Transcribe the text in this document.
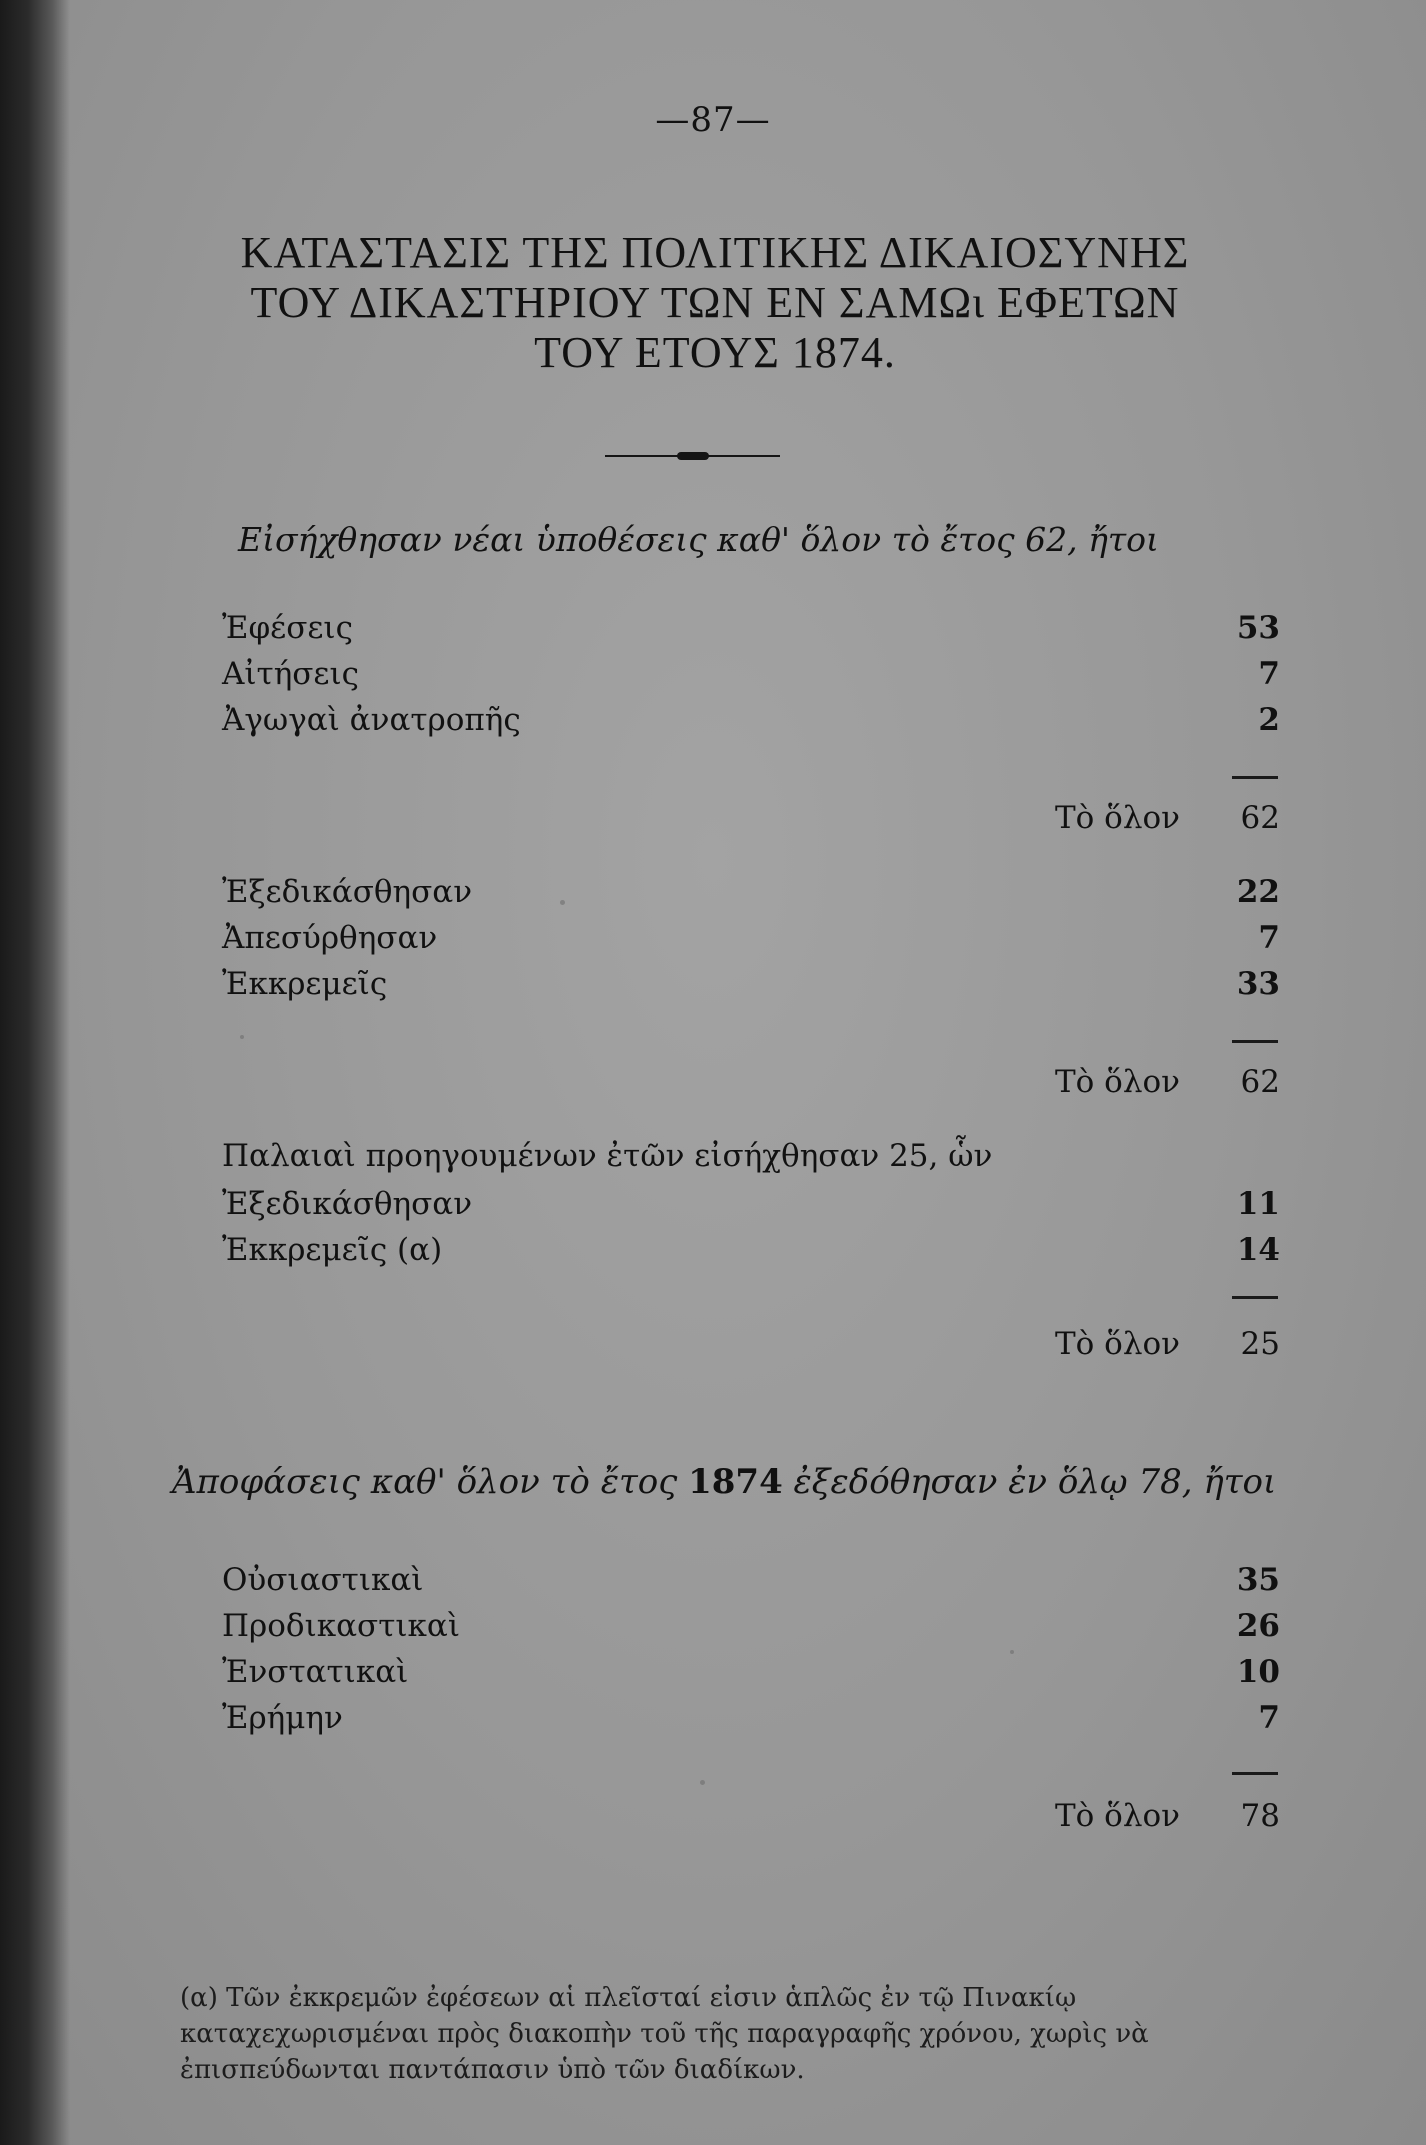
—87—
ΚΑΤΑΣΤΑΣΙΣ ΤΗΣ ΠΟΛΙΤΙΚΗΣ ΔΙΚΑΙΟΣΥΝΗΣ
ΤΟΥ ΔΙΚΑΣΤΗΡΙΟΥ ΤΩΝ ΕΝ ΣΑΜΩι ΕΦΕΤΩΝ
ΤΟΥ ΕΤΟΥΣ 1874.
Εἰσήχθησαν νέαι ὑποθέσεις καθ' ὅλον τὸ ἔτος 62, ἤτοι
Ἐφέσεις	53
Αἰτήσεις	7
Ἀγωγαὶ ἀνατροπῆς	2
Τὸ ὅλον 62
Ἐξεδικάσθησαν	22
Ἀπεσύρθησαν	7
Ἐκκρεμεῖς	33
Τὸ ὅλον 62
Παλαιαὶ προηγουμένων ἐτῶν εἰσήχθησαν 25, ὧν
Ἐξεδικάσθησαν	11
Ἐκκρεμεῖς (α)	14
Τὸ ὅλον 25
Ἀποφάσεις καθ' ὅλον τὸ ἔτος 1874 ἐξεδόθησαν ἐν ὅλῳ 78, ἤτοι
Οὐσιαστικαὶ	35
Προδικαστικαὶ	26
Ἐνστατικαὶ	10
Ἐρήμην	7
Τὸ ὅλον 78
(α) Τῶν ἐκκρεμῶν ἐφέσεων αἱ πλεῖσταί εἰσιν ἁπλῶς ἐν τῷ Πινακίῳ
καταχεχωρισμέναι πρὸς διακοπὴν τοῦ τῆς παραγραφῆς χρόνου, χωρὶς νὰ
ἐπισπεύδωνται παντάπασιν ὑπὸ τῶν διαδίκων.
